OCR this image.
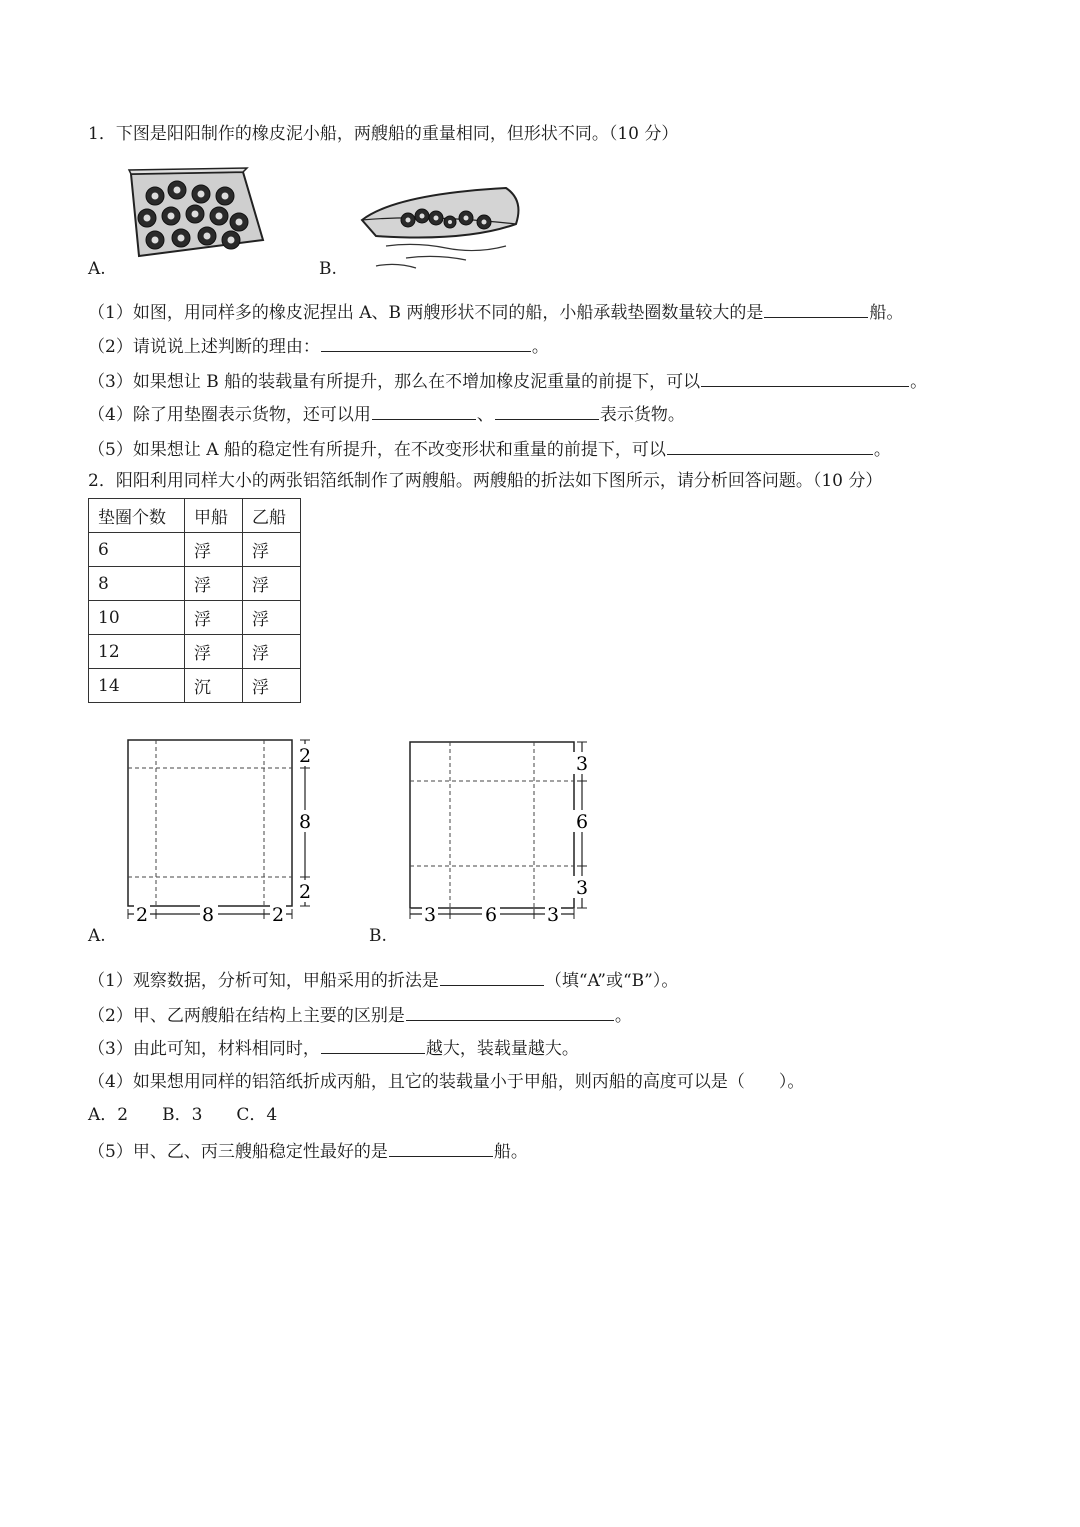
1．下图是阳阳制作的橡皮泥小船，两艘船的重量相同，但形状不同。（10 分）
A.	B.
（1）如图，用同样多的橡皮泥捏出 A、B 两艘形状不同的船，小船承载垫圈数量较大的是	船。
（2）请说说上述判断的理由：	。
（3）如果想让 B 船的装载量有所提升，那么在不增加橡皮泥重量的前提下，可以	。
（4）除了用垫圈表示货物，还可以用	、	表示货物。
（5）如果想让 A 船的稳定性有所提升，在不改变形状和重量的前提下，可以	。
2．阳阳利用同样大小的两张铝箔纸制作了两艘船。两艘船的折法如下图所示，请分析回答问题。（10 分）
垫圈个数	甲船	乙船
6	浮	浮
8	浮	浮
10	浮	浮
12	浮	浮
14	沉	浮
2
8
2
2	8	2
A.
3
6
3
3	6	3
B.
（1）观察数据，分析可知，甲船采用的折法是	（填“A”或“B”）。
（2）甲、乙两艘船在结构上主要的区别是	。
（3）由此可知，材料相同时，	越大，装载量越大。
（4）如果想用同样的铝箔纸折成丙船，且它的装载量小于甲船，则丙船的高度可以是（　　）。
A．2　　B．3　　C．4
（5）甲、乙、丙三艘船稳定性最好的是	船。
